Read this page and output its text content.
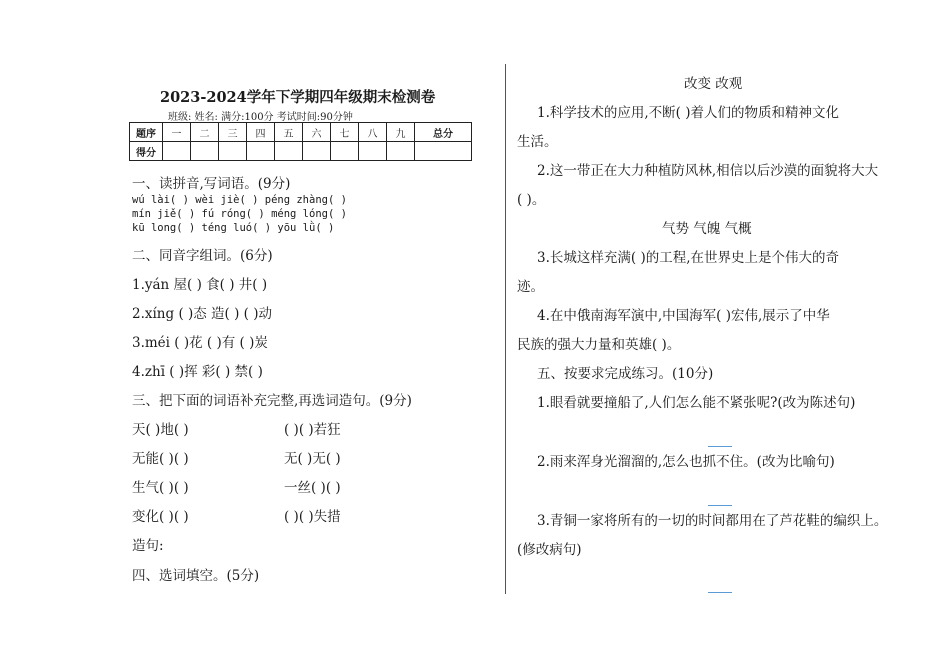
2023-2024学年下学期四年级期末检测卷
班级: 姓名: 满分:100分 考试时间:90分钟
题序	一	二	三	四	五	六	七	八	九	总分
得分										
一、读拼音,写词语。(9分)
wú lài( ) wèi jiè( ) péng zhàng( )
mín jiě( ) fú róng( ) méng lóng( )
kū long( ) téng luó( ) yōu lǜ( )
二、同音字组词。(6分)
1.yán 屋( ) 食( ) 井( )
2.xíng ( )态 造( ) ( )动
3.méi ( )花 ( )有 ( )炭
4.zhī ( )挥 彩( ) 禁( )
三、把下面的词语补充完整,再选词造句。(9分)
天( )地( )	( )( )若狂
无能( )( )	无( )无( )
生气( )( )	一丝( )( )
变化( )( )	( )( )失措
造句:
四、选词填空。(5分)
改变 改观
1.科学技术的应用,不断( )着人们的物质和精神文化
生活。
2.这一带正在大力种植防风林,相信以后沙漠的面貌将大大
( )。
气势 气魄 气概
3.长城这样充满( )的工程,在世界史上是个伟大的奇
迹。
4.在中俄南海军演中,中国海军( )宏伟,展示了中华
民族的强大力量和英雄( )。
五、按要求完成练习。(10分)
1.眼看就要撞船了,人们怎么能不紧张呢?(改为陈述句)
2.雨来浑身光溜溜的,怎么也抓不住。(改为比喻句)
3.青铜一家将所有的一切的时间都用在了芦花鞋的编织上。
(修改病句)
